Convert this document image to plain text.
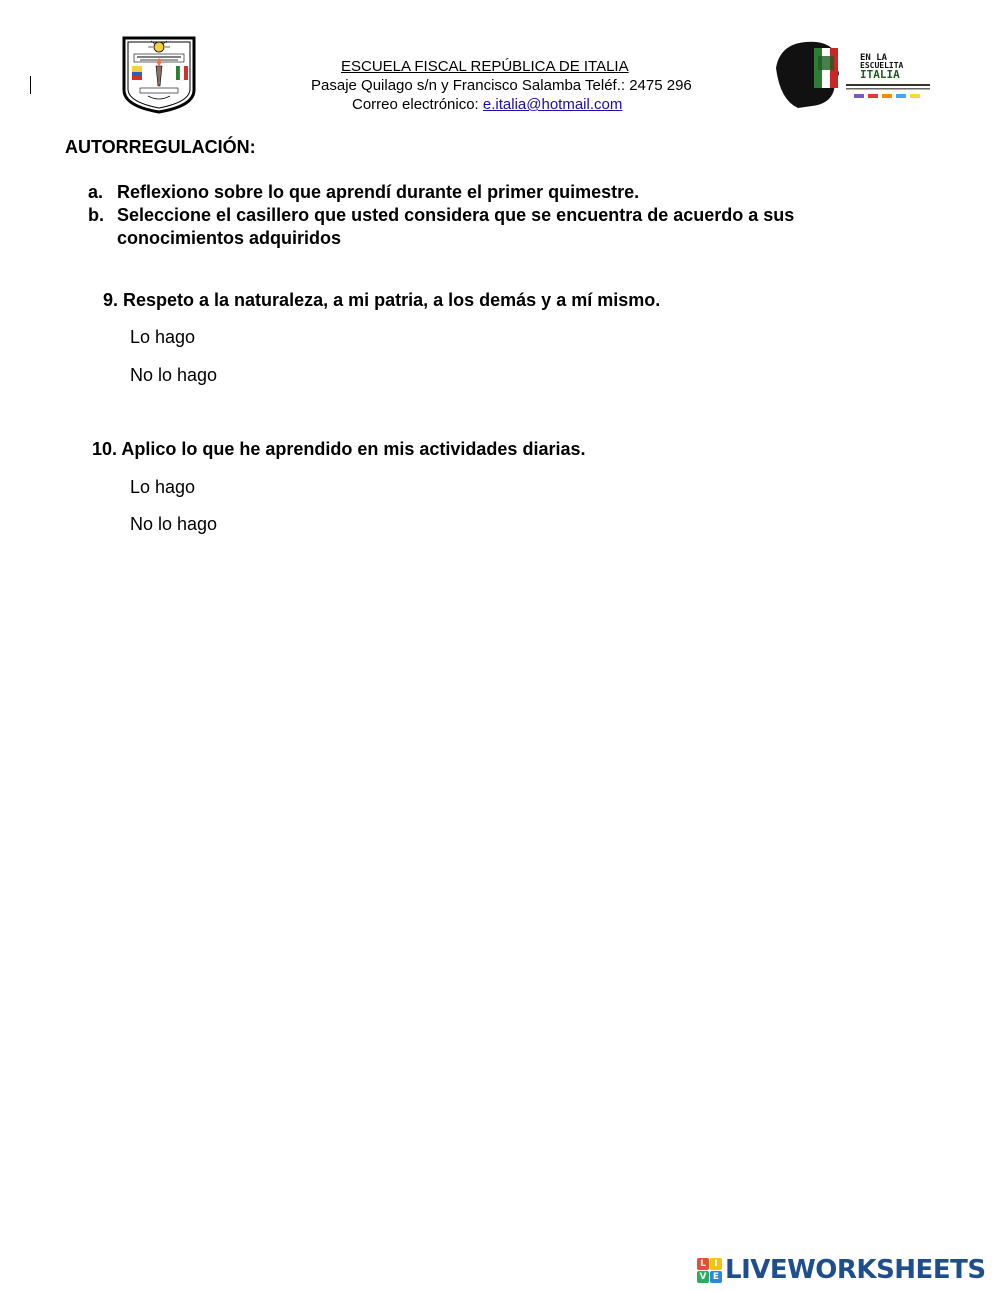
ESCUELA FISCAL REPÚBLICA DE ITALIA
Pasaje Quilago s/n y Francisco Salamba Teléf.: 2475 296
Correo electrónico: e.italia@hotmail.com
EN LA
ESCUELITA
ITALIA
AUTORREGULACIÓN:
a. Reflexiono sobre lo que aprendí durante el primer quimestre.
b. Seleccione el casillero que usted considera que se encuentra de acuerdo a sus conocimientos adquiridos
9. Respeto a la naturaleza, a mi patria, a los demás y a mí mismo.
Lo hago
No lo hago
10. Aplico lo que he aprendido en mis actividades diarias.
Lo hago
No lo hago
L I
V E LIVEWORKSHEETS
